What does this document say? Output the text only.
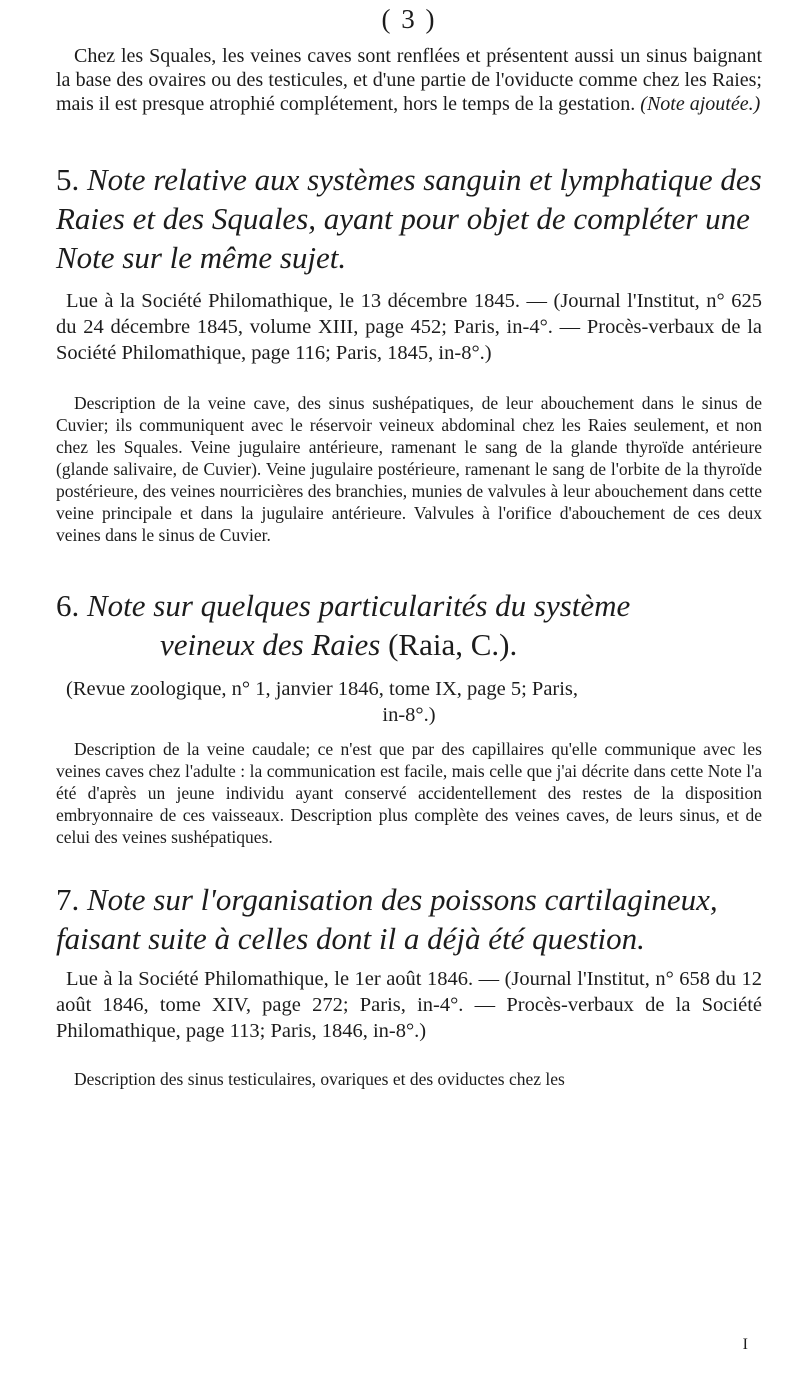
( 3 )

Chez les Squales, les veines caves sont renflées et présentent aussi un sinus baignant la base des ovaires ou des testicules, et d'une partie de l'oviducte comme chez les Raies; mais il est presque atrophié complétement, hors le temps de la gestation. (Note ajoutée.)

5. Note relative aux systèmes sanguin et lymphatique des Raies et des Squales, ayant pour objet de compléter une Note sur le même sujet.

Lue à la Société Philomathique, le 13 décembre 1845. — (Journal l'Institut, n° 625 du 24 décembre 1845, volume XIII, page 452; Paris, in-4°. — Procès-verbaux de la Société Philomathique, page 116; Paris, 1845, in-8°.)

Description de la veine cave, des sinus sushépatiques, de leur abouchement dans le sinus de Cuvier; ils communiquent avec le réservoir veineux abdominal chez les Raies seulement, et non chez les Squales. Veine jugulaire antérieure, ramenant le sang de la glande thyroïde antérieure (glande salivaire, de Cuvier). Veine jugulaire postérieure, ramenant le sang de l'orbite de la thyroïde postérieure, des veines nourricières des branchies, munies de valvules à leur abouchement dans cette veine principale et dans la jugulaire antérieure. Valvules à l'orifice d'abouchement de ces deux veines dans le sinus de Cuvier.

6. Note sur quelques particularités du système
veineux des Raies (Raia, C.).

(Revue zoologique, n° 1, janvier 1846, tome IX, page 5; Paris,

in-8°.)

Description de la veine caudale; ce n'est que par des capillaires qu'elle communique avec les veines caves chez l'adulte : la communication est facile, mais celle que j'ai décrite dans cette Note l'a été d'après un jeune individu ayant conservé accidentellement des restes de la disposition embryonnaire de ces vaisseaux. Description plus complète des veines caves, de leurs sinus, et de celui des veines sushépatiques.

7. Note sur l'organisation des poissons cartilagineux, faisant suite à celles dont il a déjà été question.

Lue à la Société Philomathique, le 1er août 1846. — (Journal l'Institut, n° 658 du 12 août 1846, tome XIV, page 272; Paris, in-4°. — Procès-verbaux de la Société Philomathique, page 113; Paris, 1846, in-8°.)

Description des sinus testiculaires, ovariques et des oviductes chez les

I
